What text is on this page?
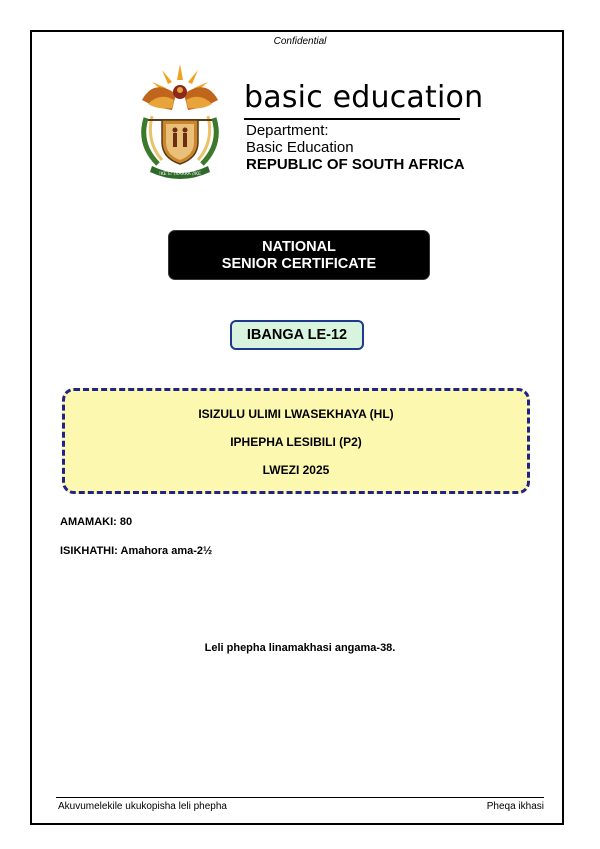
Confidential
!KE E: /XARRA //KE
basic education
Department:
Basic Education
REPUBLIC OF SOUTH AFRICA
NATIONAL
SENIOR CERTIFICATE
IBANGA LE-12
ISIZULU ULIMI LWASEKHAYA (HL)
IPHEPHA LESIBILI (P2)
LWEZI 2025
AMAMAKI: 80
ISIKHATHI: Amahora ama-2½
Leli phepha linamakhasi angama-38.
Akuvumelekile ukukopisha leli phepha	Pheqa ikhasi
